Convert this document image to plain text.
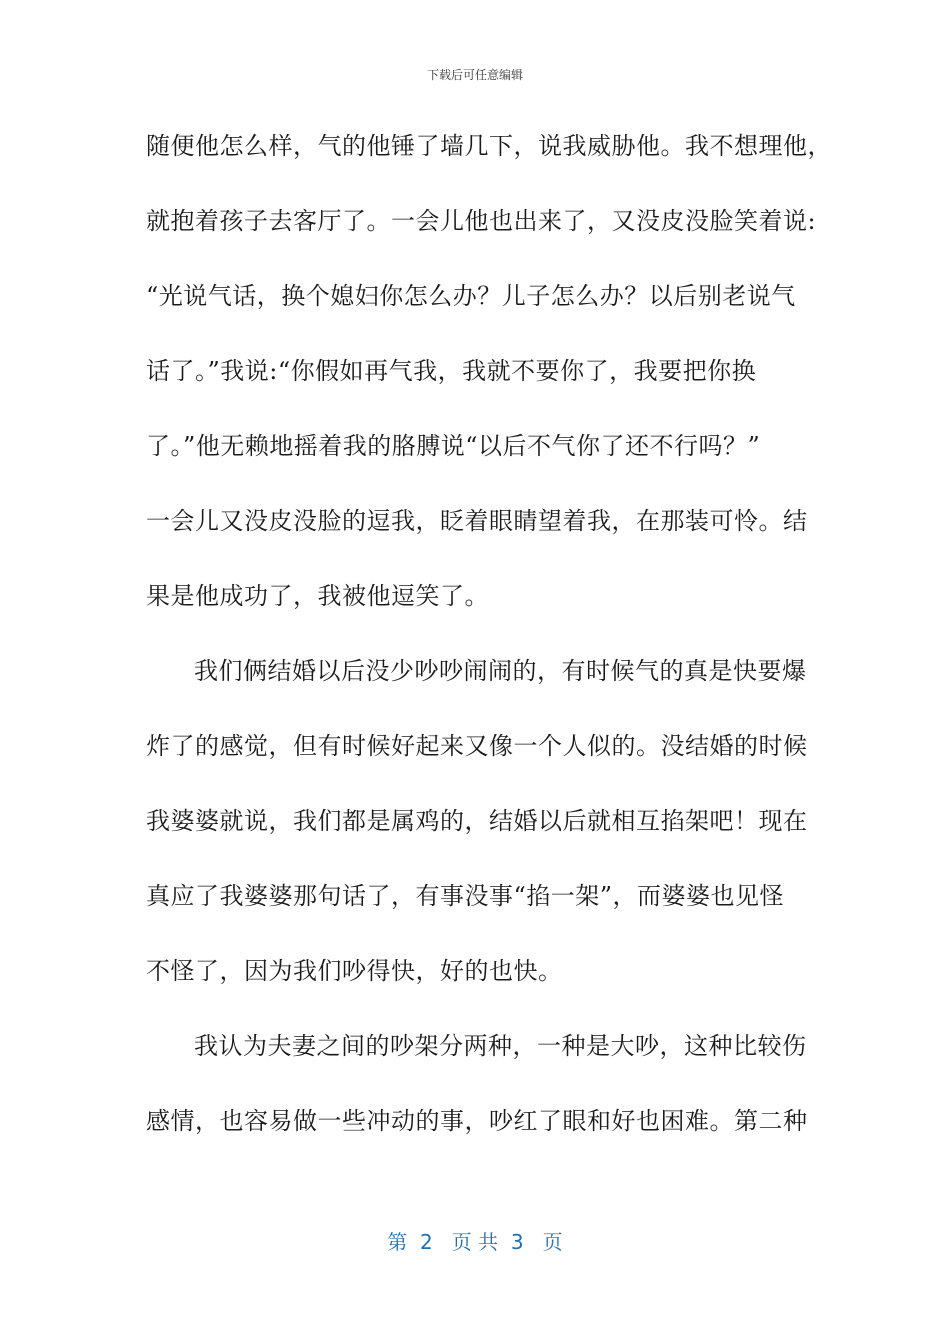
下载后可任意编辑
随便他怎么样，气的他锤了墙几下，说我威胁他。我不想理他，
就抱着孩子去客厅了。一会儿他也出来了，又没皮没脸笑着说:
“光说气话，换个媳妇你怎么办？儿子怎么办？以后别老说气
话了。”我说:“你假如再气我，我就不要你了，我要把你换
了。”他无赖地摇着我的胳膊说“以后不气你了还不行吗？”
一会儿又没皮没脸的逗我，眨着眼睛望着我，在那装可怜。结
果是他成功了，我被他逗笑了。
我们俩结婚以后没少吵吵闹闹的，有时候气的真是快要爆
炸了的感觉，但有时候好起来又像一个人似的。没结婚的时候
我婆婆就说，我们都是属鸡的，结婚以后就相互掐架吧！现在
真应了我婆婆那句话了，有事没事“掐一架”，而婆婆也见怪
不怪了，因为我们吵得快，好的也快。
我认为夫妻之间的吵架分两种，一种是大吵，这种比较伤
感情，也容易做一些冲动的事，吵红了眼和好也困难。第二种
第  2   页 共  3   页
